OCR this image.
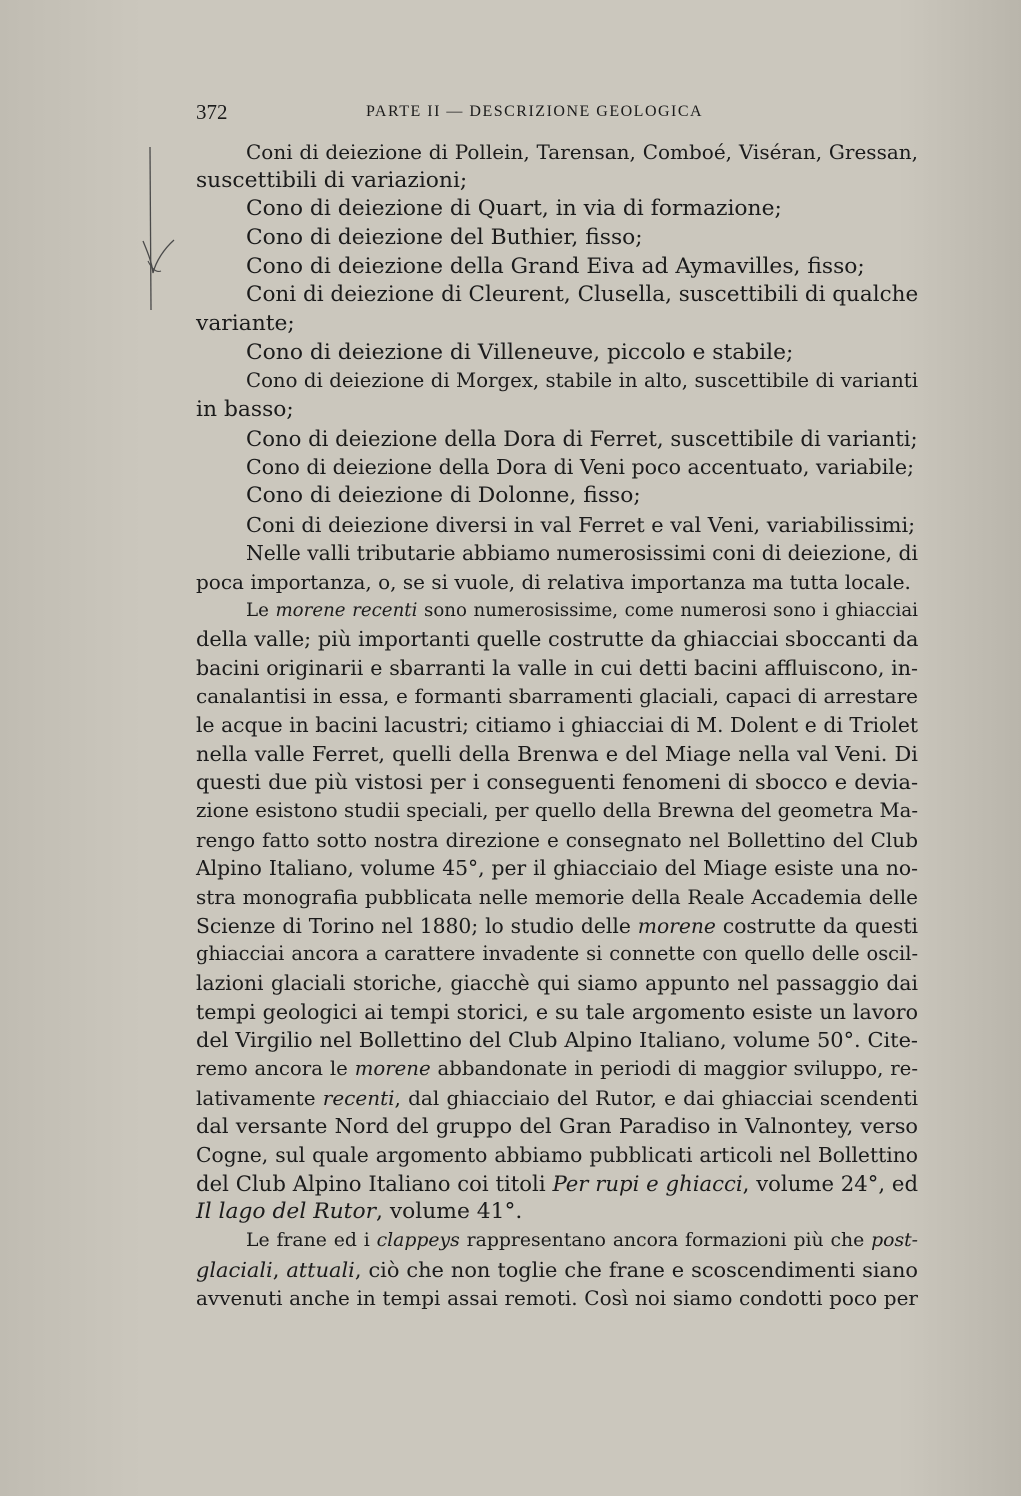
372	PARTE II — DESCRIZIONE GEOLOGICA
Coni di deiezione di Pollein, Tarensan, Comboé, Viséran, Gressan,
suscettibili di variazioni;
Cono di deiezione di Quart, in via di formazione;
Cono di deiezione del Buthier, fisso;
Cono di deiezione della Grand Eiva ad Aymavilles, fisso;
Coni di deiezione di Cleurent, Clusella, suscettibili di qualche
variante;
Cono di deiezione di Villeneuve, piccolo e stabile;
Cono di deiezione di Morgex, stabile in alto, suscettibile di varianti
in basso;
Cono di deiezione della Dora di Ferret, suscettibile di varianti;
Cono di deiezione della Dora di Veni poco accentuato, variabile;
Cono di deiezione di Dolonne, fisso;
Coni di deiezione diversi in val Ferret e val Veni, variabilissimi;
Nelle valli tributarie abbiamo numerosissimi coni di deiezione, di
poca importanza, o, se si vuole, di relativa importanza ma tutta locale.
Le morene recenti sono numerosissime, come numerosi sono i ghiacciai
della valle; più importanti quelle costrutte da ghiacciai sboccanti da
bacini originarii e sbarranti la valle in cui detti bacini affluiscono, in-
canalantisi in essa, e formanti sbarramenti glaciali, capaci di arrestare
le acque in bacini lacustri; citiamo i ghiacciai di M. Dolent e di Triolet
nella valle Ferret, quelli della Brenwa e del Miage nella val Veni. Di
questi due più vistosi per i conseguenti fenomeni di sbocco e devia-
zione esistono studii speciali, per quello della Brewna del geometra Ma-
rengo fatto sotto nostra direzione e consegnato nel Bollettino del Club
Alpino Italiano, volume 45°, per il ghiacciaio del Miage esiste una no-
stra monografia pubblicata nelle memorie della Reale Accademia delle
Scienze di Torino nel 1880; lo studio delle morene costrutte da questi
ghiacciai ancora a carattere invadente si connette con quello delle oscil-
lazioni glaciali storiche, giacchè qui siamo appunto nel passaggio dai
tempi geologici ai tempi storici, e su tale argomento esiste un lavoro
del Virgilio nel Bollettino del Club Alpino Italiano, volume 50°. Cite-
remo ancora le morene abbandonate in periodi di maggior sviluppo, re-
lativamente recenti, dal ghiacciaio del Rutor, e dai ghiacciai scendenti
dal versante Nord del gruppo del Gran Paradiso in Valnontey, verso
Cogne, sul quale argomento abbiamo pubblicati articoli nel Bollettino
del Club Alpino Italiano coi titoli Per rupi e ghiacci, volume 24°, ed
Il lago del Rutor, volume 41°.
Le frane ed i clappeys rappresentano ancora formazioni più che post-
glaciali, attuali, ciò che non toglie che frane e scoscendimenti siano
avvenuti anche in tempi assai remoti. Così noi siamo condotti poco per
